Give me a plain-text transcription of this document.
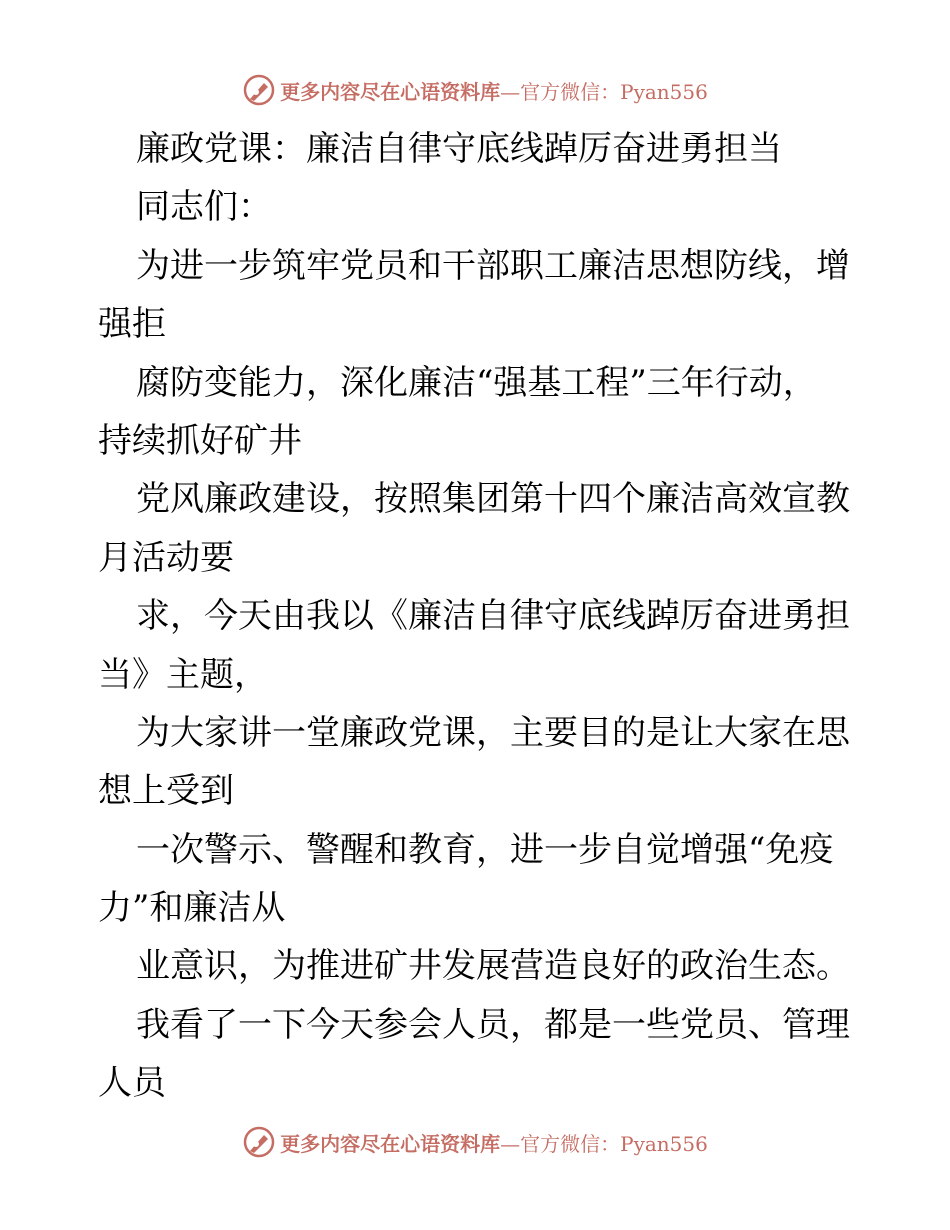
更多内容尽在心语资料库—官方微信：Pyan556
廉政党课：廉洁自律守底线踔厉奋进勇担当
同志们：
为进一步筑牢党员和干部职工廉洁思想防线，增
强拒
腐防变能力，深化廉洁“强基工程”三年行动，
持续抓好矿井
党风廉政建设，按照集团第十四个廉洁高效宣教
月活动要
求，今天由我以《廉洁自律守底线踔厉奋进勇担
当》主题，
为大家讲一堂廉政党课，主要目的是让大家在思
想上受到
一次警示、警醒和教育，进一步自觉增强“免疫
力”和廉洁从
业意识，为推进矿井发展营造良好的政治生态。
我看了一下今天参会人员，都是一些党员、管理
人员
更多内容尽在心语资料库—官方微信：Pyan556
